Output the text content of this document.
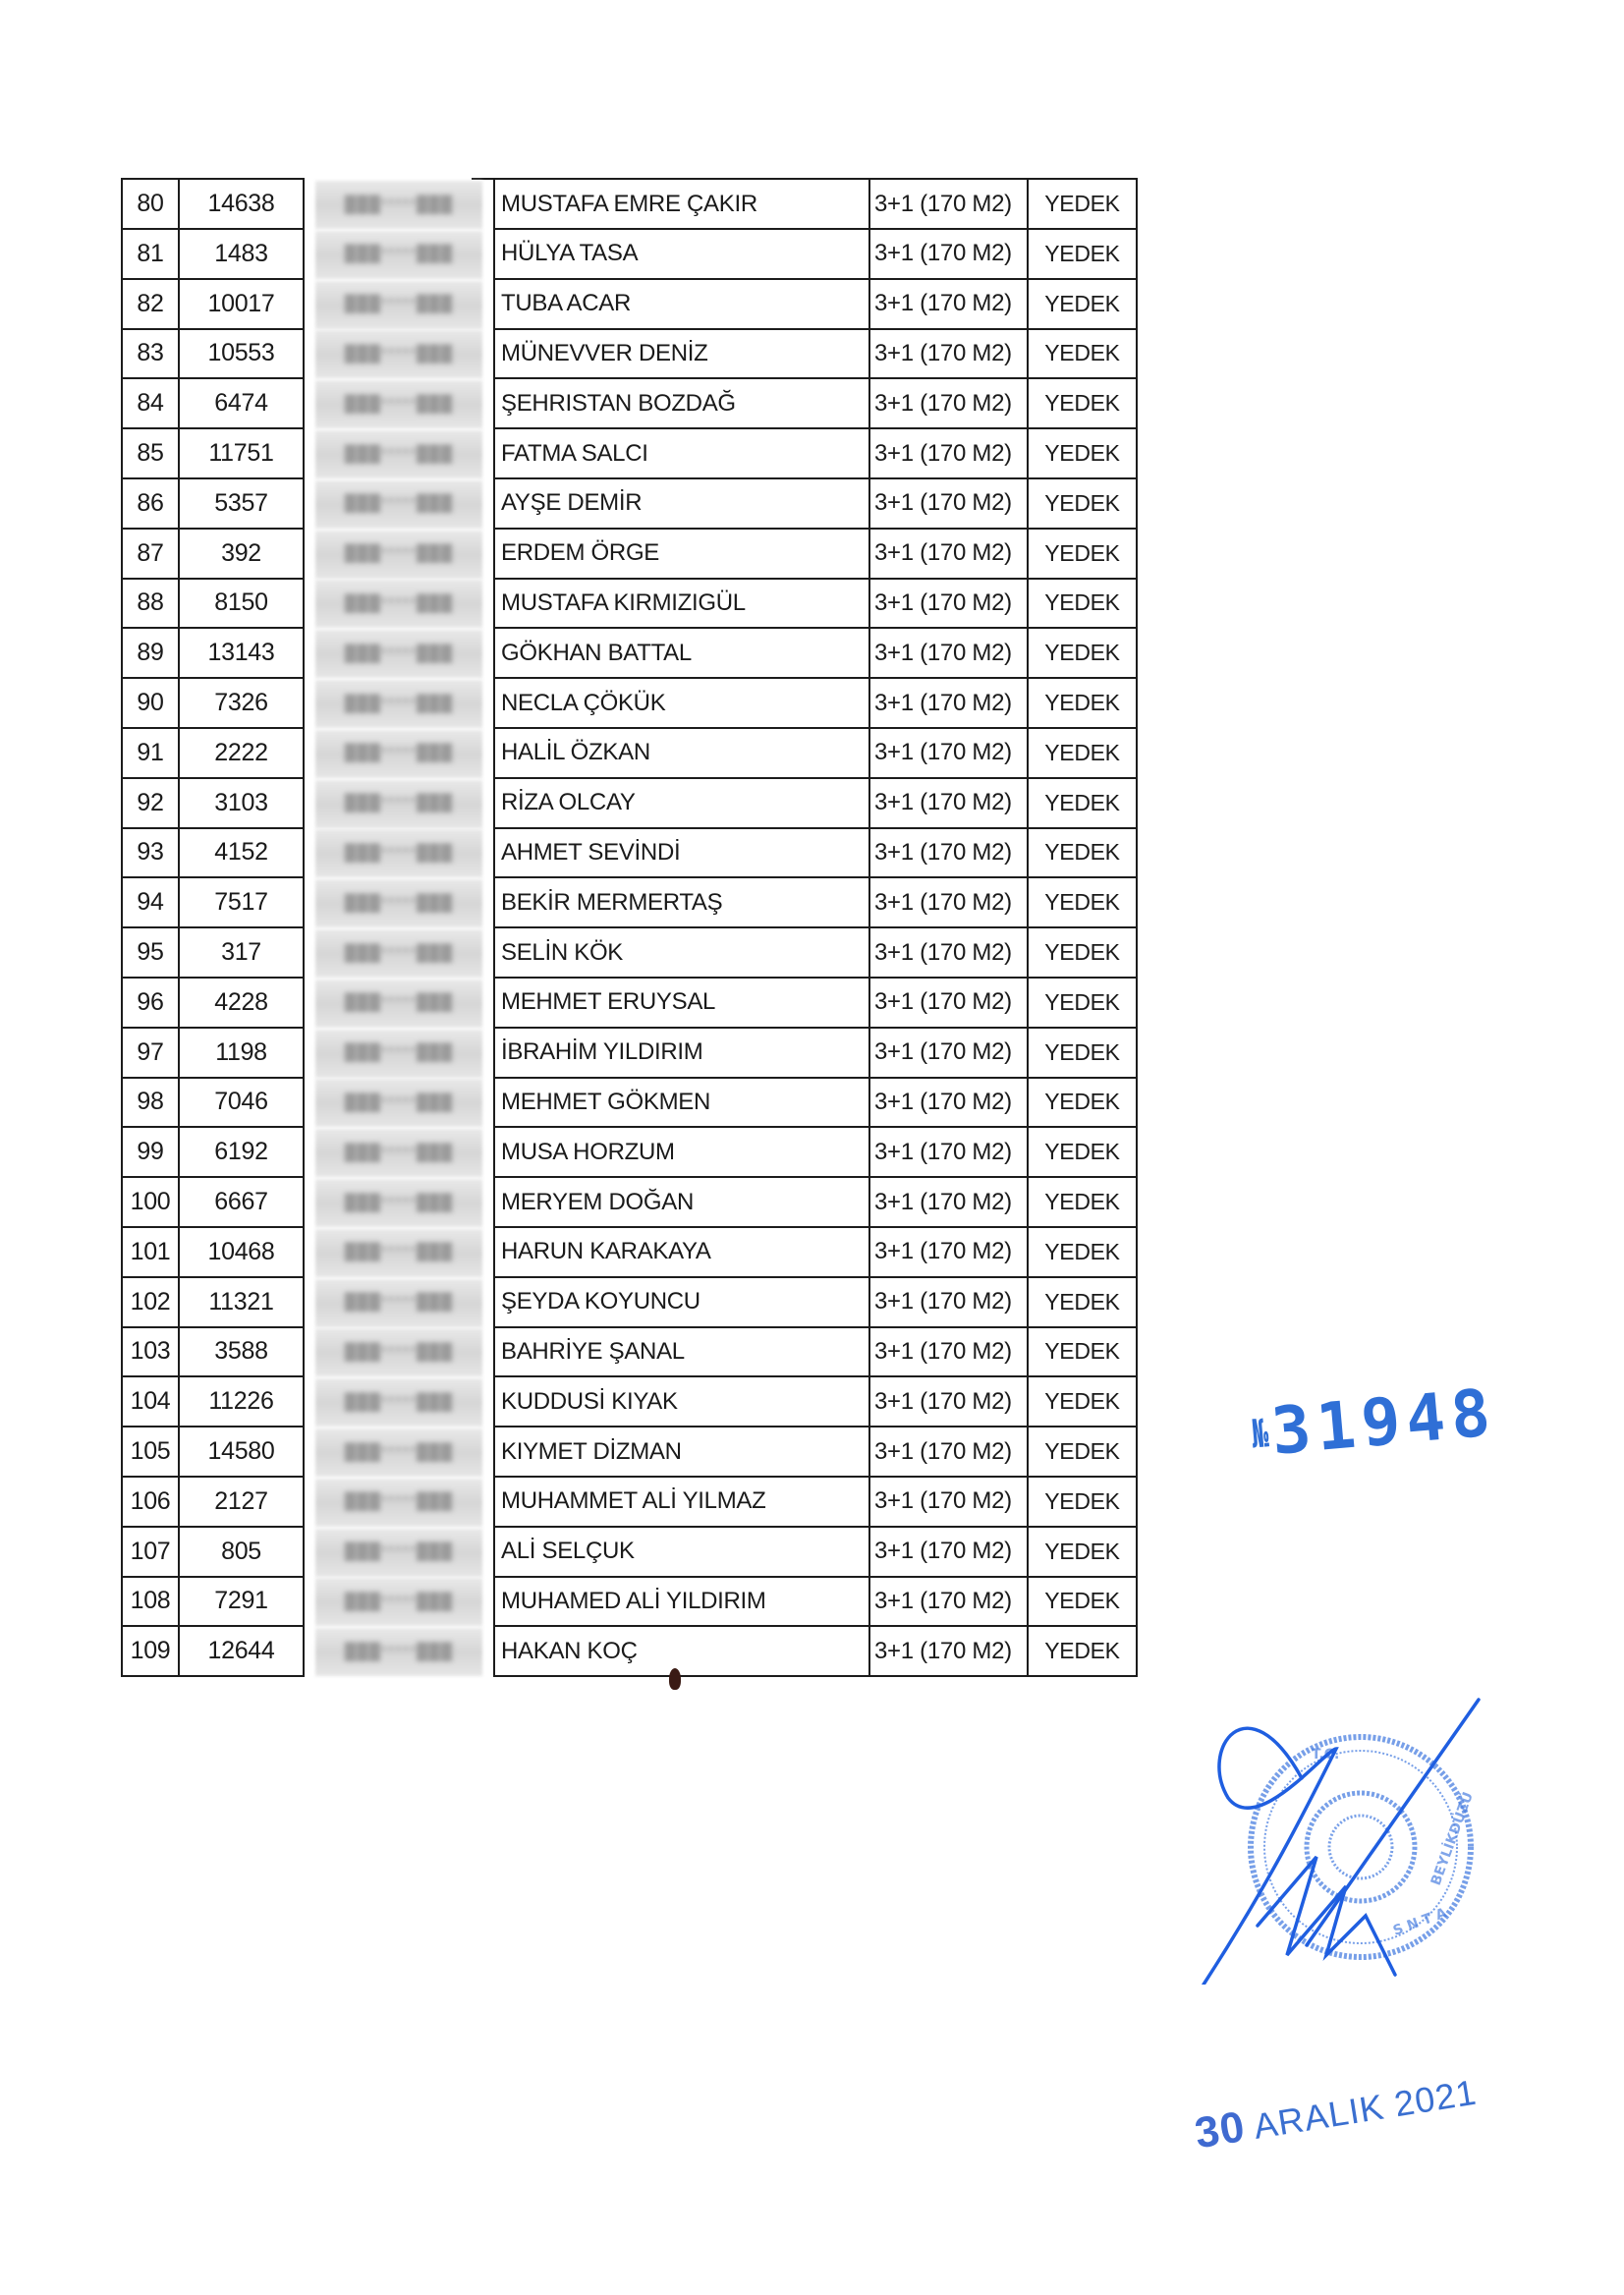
80	14638	███*****███	MUSTAFA EMRE ÇAKIR	3+1 (170 M2)	YEDEK
81	1483	███*****███	HÜLYA TASA	3+1 (170 M2)	YEDEK
82	10017	███*****███	TUBA ACAR	3+1 (170 M2)	YEDEK
83	10553	███*****███	MÜNEVVER DENİZ	3+1 (170 M2)	YEDEK
84	6474	███*****███	ŞEHRISTAN BOZDAĞ	3+1 (170 M2)	YEDEK
85	11751	███*****███	FATMA SALCI	3+1 (170 M2)	YEDEK
86	5357	███*****███	AYŞE DEMİR	3+1 (170 M2)	YEDEK
87	392	███*****███	ERDEM ÖRGE	3+1 (170 M2)	YEDEK
88	8150	███*****███	MUSTAFA KIRMIZIGÜL	3+1 (170 M2)	YEDEK
89	13143	███*****███	GÖKHAN BATTAL	3+1 (170 M2)	YEDEK
90	7326	███*****███	NECLA ÇÖKÜK	3+1 (170 M2)	YEDEK
91	2222	███*****███	HALİL ÖZKAN	3+1 (170 M2)	YEDEK
92	3103	███*****███	RİZA OLCAY	3+1 (170 M2)	YEDEK
93	4152	███*****███	AHMET SEVİNDİ	3+1 (170 M2)	YEDEK
94	7517	███*****███	BEKİR MERMERTAŞ	3+1 (170 M2)	YEDEK
95	317	███*****███	SELİN KÖK	3+1 (170 M2)	YEDEK
96	4228	███*****███	MEHMET ERUYSAL	3+1 (170 M2)	YEDEK
97	1198	███*****███	İBRAHİM YILDIRIM	3+1 (170 M2)	YEDEK
98	7046	███*****███	MEHMET GÖKMEN	3+1 (170 M2)	YEDEK
99	6192	███*****███	MUSA HORZUM	3+1 (170 M2)	YEDEK
100	6667	███*****███	MERYEM DOĞAN	3+1 (170 M2)	YEDEK
101	10468	███*****███	HARUN KARAKAYA	3+1 (170 M2)	YEDEK
102	11321	███*****███	ŞEYDA KOYUNCU	3+1 (170 M2)	YEDEK
103	3588	███*****███	BAHRİYE ŞANAL	3+1 (170 M2)	YEDEK
104	11226	███*****███	KUDDUSİ KIYAK	3+1 (170 M2)	YEDEK
105	14580	███*****███	KIYMET DİZMAN	3+1 (170 M2)	YEDEK
106	2127	███*****███	MUHAMMET ALİ YILMAZ	3+1 (170 M2)	YEDEK
107	805	███*****███	ALİ SELÇUK	3+1 (170 M2)	YEDEK
108	7291	███*****███	MUHAMED ALİ YILDIRIM	3+1 (170 M2)	YEDEK
109	12644	███*****███	HAKAN KOÇ	3+1 (170 M2)	YEDEK
№31948
S N T A
BEYLİKDÜZÜ
T.C.
30 ARALIK 2021
